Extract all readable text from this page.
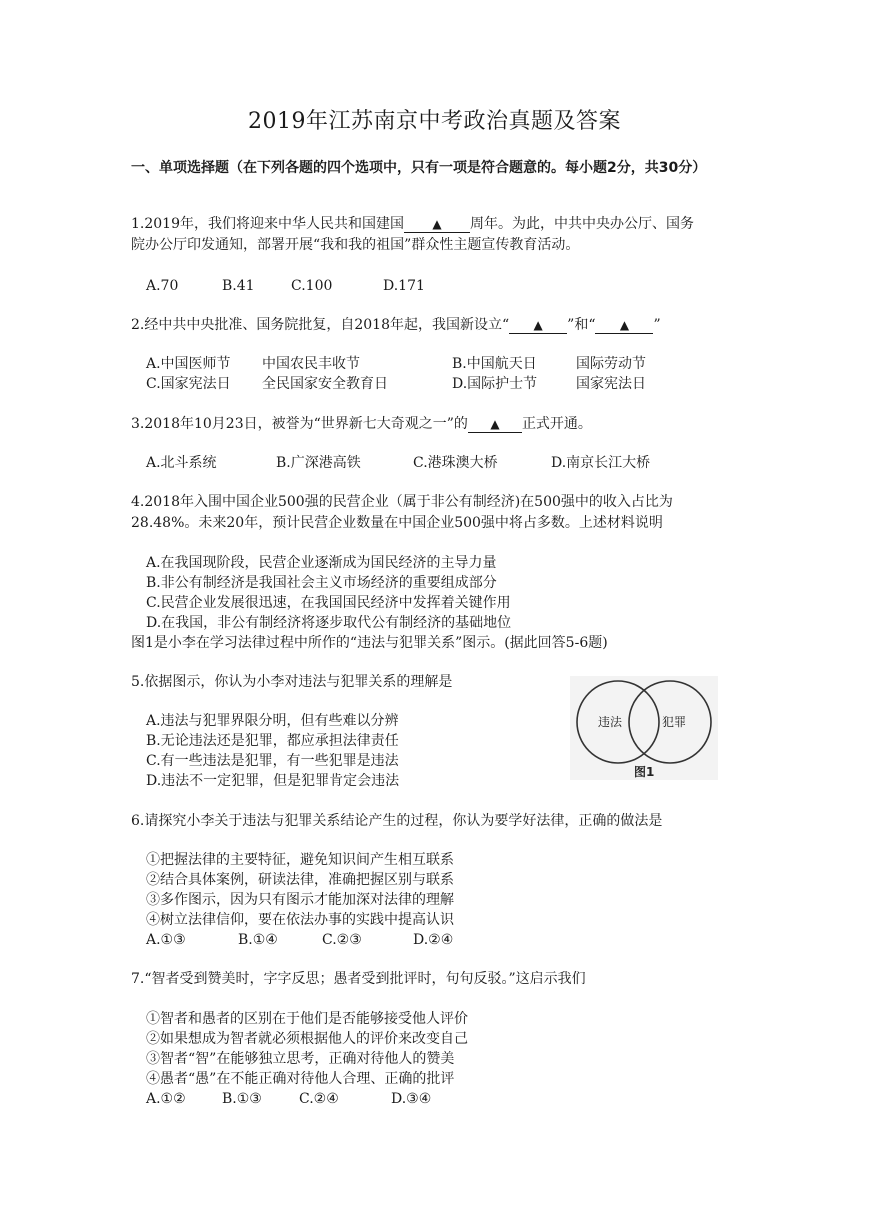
2019年江苏南京中考政治真题及答案
一、单项选择题（在下列各题的四个选项中，只有一项是符合题意的。每小题2分，共30分）
1.2019年，我们将迎来中华人民共和国建国 ▲ 周年。为此，中共中央办公厅、国务
院办公厅印发通知，部署开展“我和我的祖国”群众性主题宣传教育活动。
A.70	B.41	C.100	D.171
2.经中共中央批准、国务院批复，自2018年起，我国新设立“ ▲ ”和“ ▲ ”
A.中国医师节 中国农民丰收节	B.中国航天日	国际劳动节
C.国家宪法日 全民国家安全教育日	D.国际护士节	国家宪法日
3.2018年10月23日，被誉为“世界新七大奇观之一”的 ▲ 正式开通。
A.北斗系统	B.广深港高铁	C.港珠澳大桥	D.南京长江大桥
4.2018年入围中国企业500强的民营企业（属于非公有制经济)在500强中的收入占比为
28.48%。未来20年，预计民营企业数量在中国企业500强中将占多数。上述材料说明
A.在我国现阶段，民营企业逐渐成为国民经济的主导力量
B.非公有制经济是我国社会主义市场经济的重要组成部分
C.民营企业发展很迅速，在我国国民经济中发挥着关键作用
D.在我国，非公有制经济将逐步取代公有制经济的基础地位
图1是小李在学习法律过程中所作的“违法与犯罪关系”图示。(据此回答5-6题)
违法	犯罪
图1
5.依据图示，你认为小李对违法与犯罪关系的理解是
A.违法与犯罪界限分明，但有些难以分辨
B.无论违法还是犯罪，都应承担法律责任
C.有一些违法是犯罪，有一些犯罪是违法
D.违法不一定犯罪，但是犯罪肯定会违法
6.请探究小李关于违法与犯罪关系结论产生的过程，你认为要学好法律，正确的做法是
①把握法律的主要特征，避免知识间产生相互联系
②结合具体案例，研读法律，准确把握区别与联系
③多作图示，因为只有图示才能加深对法律的理解
④树立法律信仰，要在依法办事的实践中提高认识
A.①③	B.①④	C.②③	D.②④
7.“智者受到赞美时，字字反思；愚者受到批评时，句句反驳。”这启示我们
①智者和愚者的区别在于他们是否能够接受他人评价
②如果想成为智者就必须根据他人的评价来改变自己
③智者“智”在能够独立思考，正确对待他人的赞美
④愚者“愚”在不能正确对待他人合理、正确的批评
A.①②	B.①③	C.②④	D.③④
